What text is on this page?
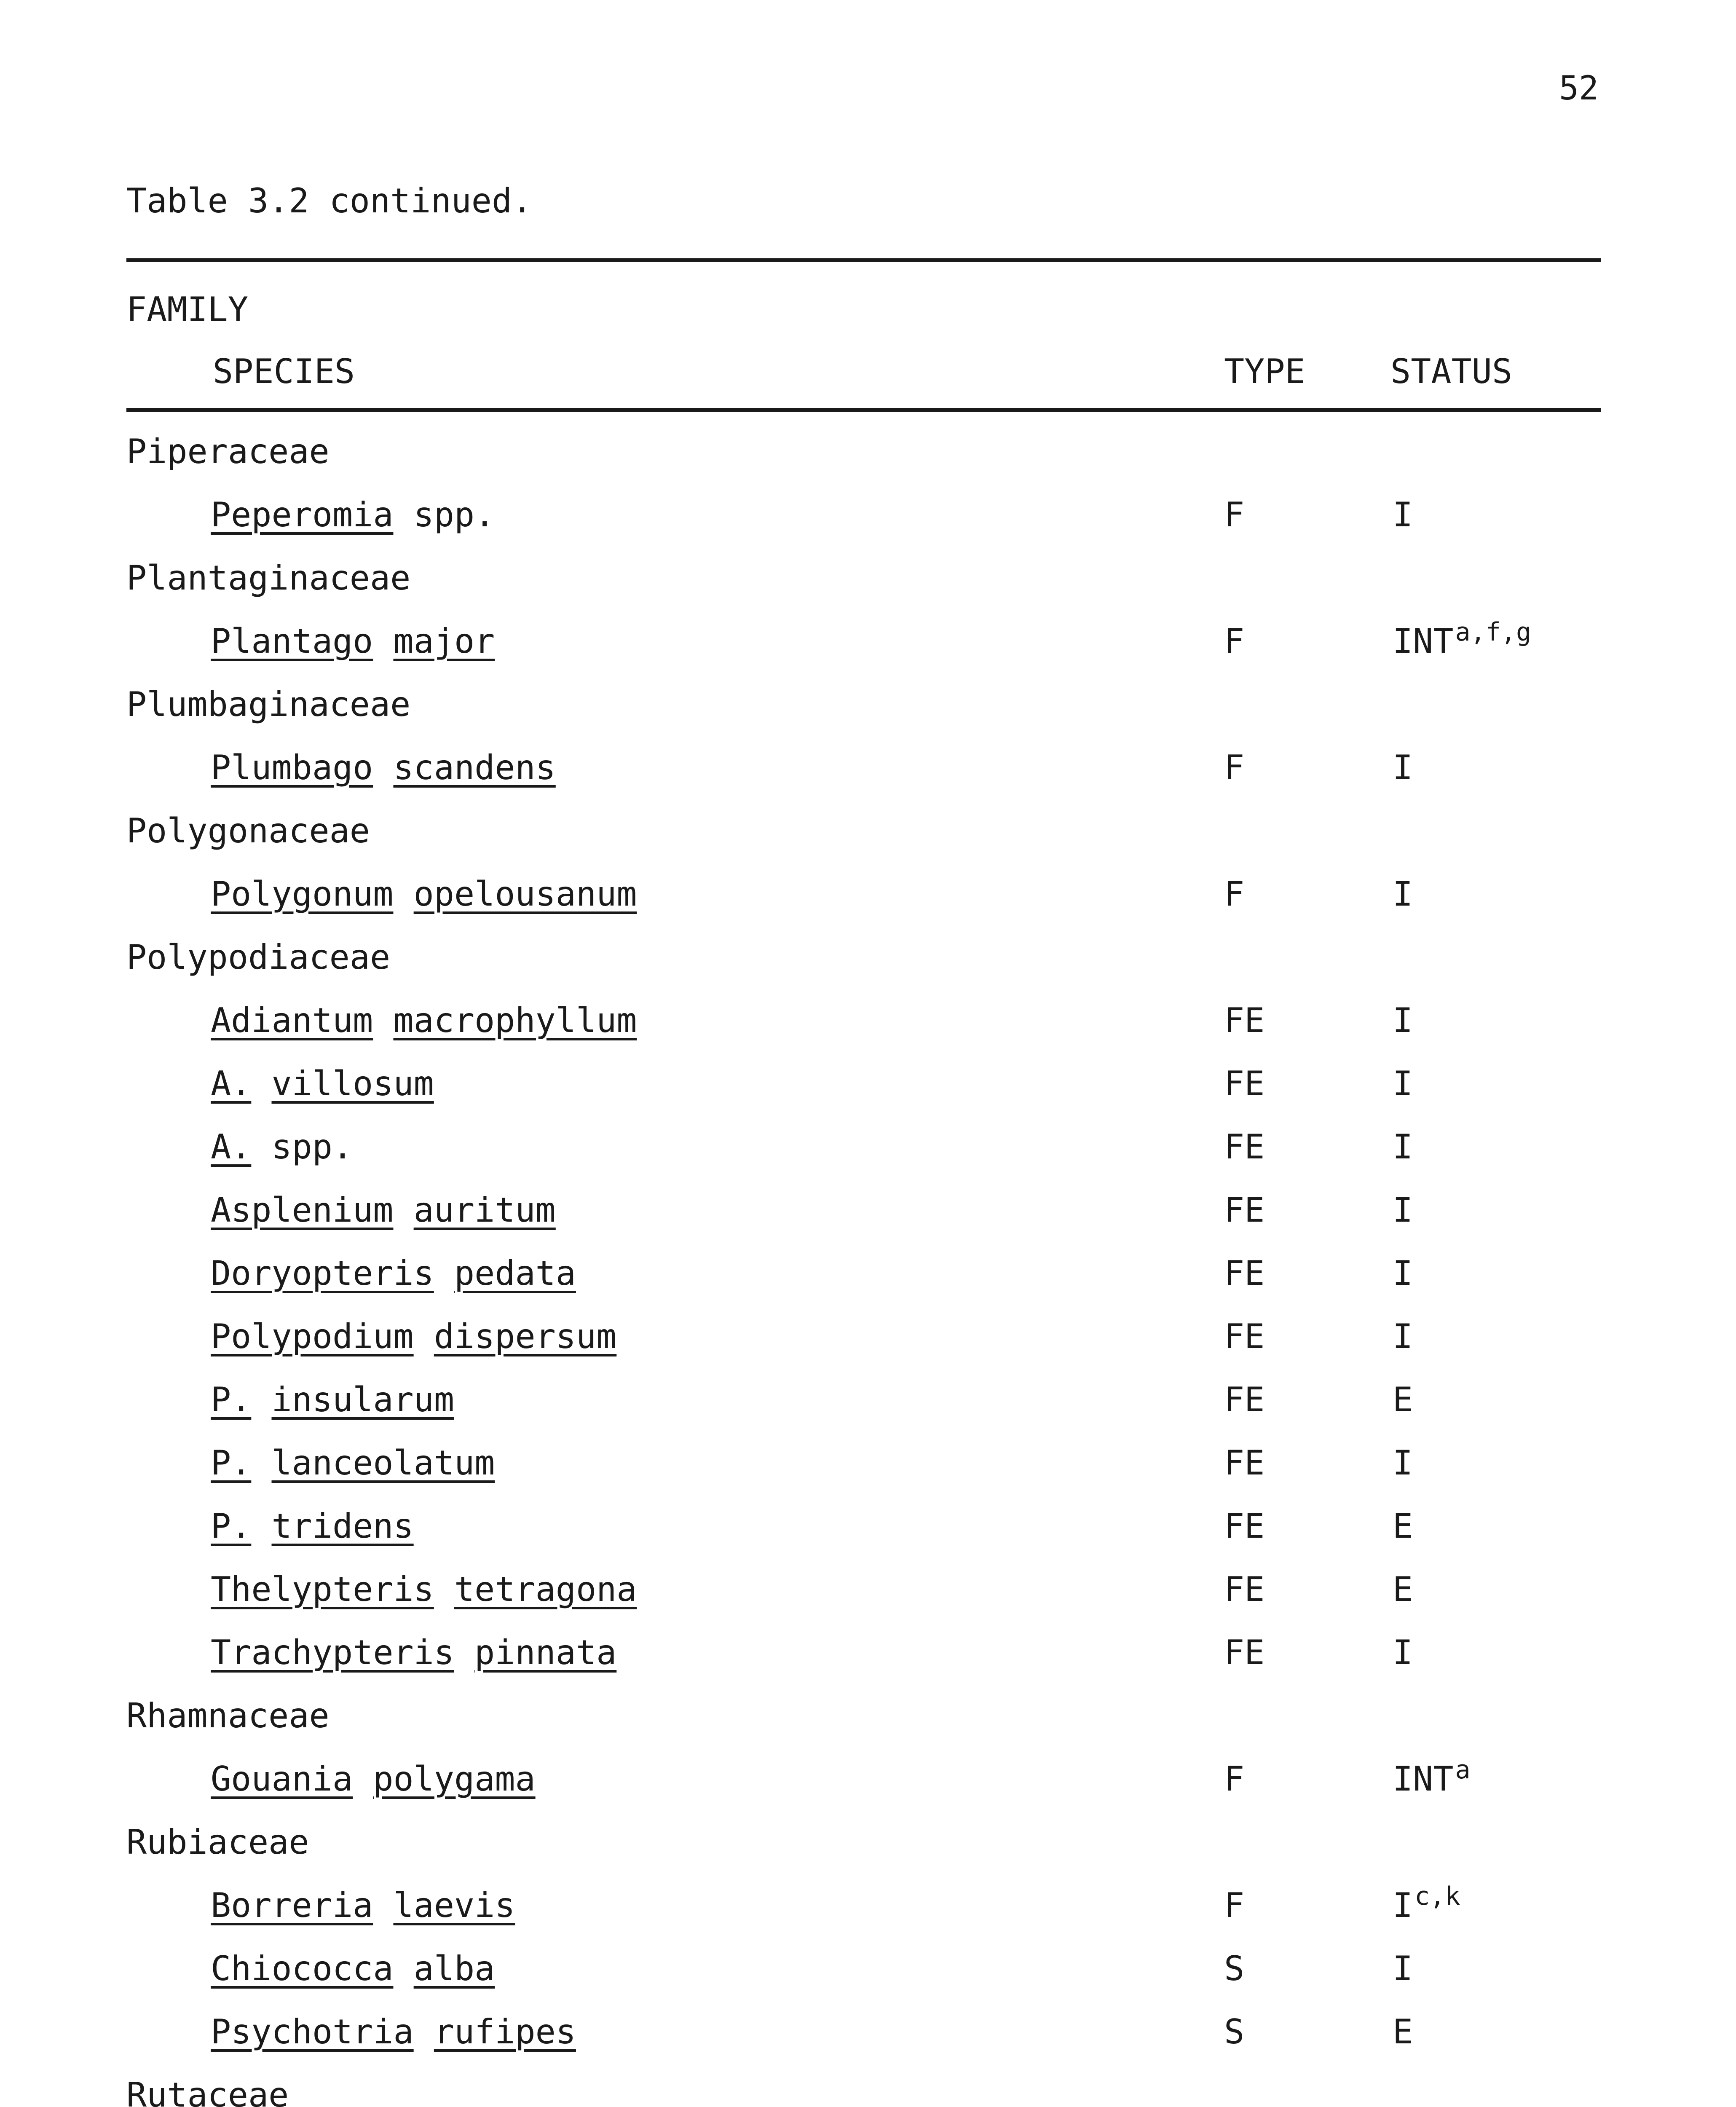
52
Table 3.2 continued.
FAMILY
SPECIES	TYPE	STATUS
Piperaceae
Peperomia spp.	F	I
Plantaginaceae
Plantago major	F	INT$^{a,f,g}$
Plumbaginaceae
Plumbago scandens	F	I
Polygonaceae
Polygonum opelousanum	F	I
Polypodiaceae
Adiantum macrophyllum	FE	I
A. villosum	FE	I
A. spp.	FE	I
Asplenium auritum	FE	I
Doryopteris pedata	FE	I
Polypodium dispersum	FE	I
P. insularum	FE	E
P. lanceolatum	FE	I
P. tridens	FE	E
Thelypteris tetragona	FE	E
Trachypteris pinnata	FE	I
Rhamnaceae
Gouania polygama	F	INT$^a$
Rubiaceae
Borreria laevis	F	I$^{c,k}$
Chiococca alba	S	I
Psychotria rufipes	S	E
Rutaceae
